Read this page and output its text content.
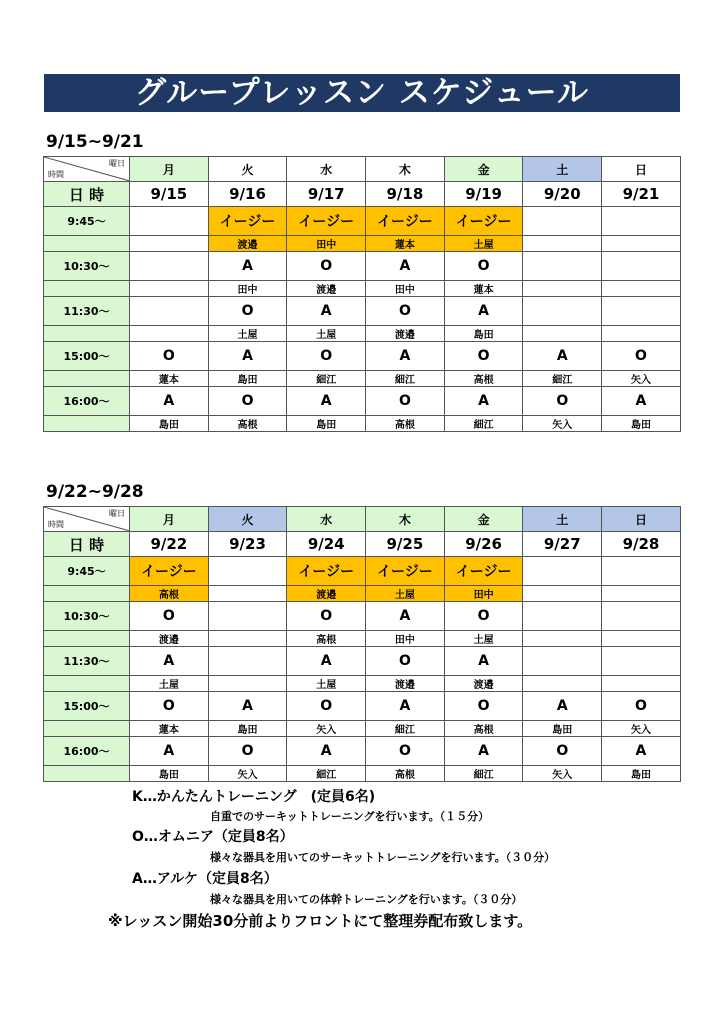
グループレッスン スケジュール
9/15~9/21
曜日
時間	月	火	水	木	金	土	日
日 時	9/15	9/16	9/17	9/18	9/19	9/20	9/21
9:45～		イージー	イージー	イージー	イージー		
		渡邉	田中	蓮本	土屋		
10:30～		A	O	A	O		
		田中	渡邉	田中	蓮本		
11:30～		O	A	O	A		
		土屋	土屋	渡邉	島田		
15:00～	O	A	O	A	O	A	O
	蓮本	島田	細江	細江	高根	細江	矢入
16:00～	A	O	A	O	A	O	A
	島田	高根	島田	高根	細江	矢入	島田
9/22~9/28
曜日
時間	月	火	水	木	金	土	日
日 時	9/22	9/23	9/24	9/25	9/26	9/27	9/28
9:45～	イージー		イージー	イージー	イージー		
	高根		渡邉	土屋	田中		
10:30～	O		O	A	O		
	渡邉		高根	田中	土屋		
11:30～	A		A	O	A		
	土屋		土屋	渡邉	渡邉		
15:00～	O	A	O	A	O	A	O
	蓮本	島田	矢入	細江	高根	島田	矢入
16:00～	A	O	A	O	A	O	A
	島田	矢入	細江	高根	細江	矢入	島田
K…かんたんトレーニング　(定員6名)
自重でのサーキットトレーニングを行います。（１５分）
O…オムニア（定員8名）
様々な器具を用いてのサーキットトレーニングを行います。（３０分）
A…アルケ（定員8名）
様々な器具を用いての体幹トレーニングを行います。（３０分）
※レッスン開始30分前よりフロントにて整理券配布致します。
